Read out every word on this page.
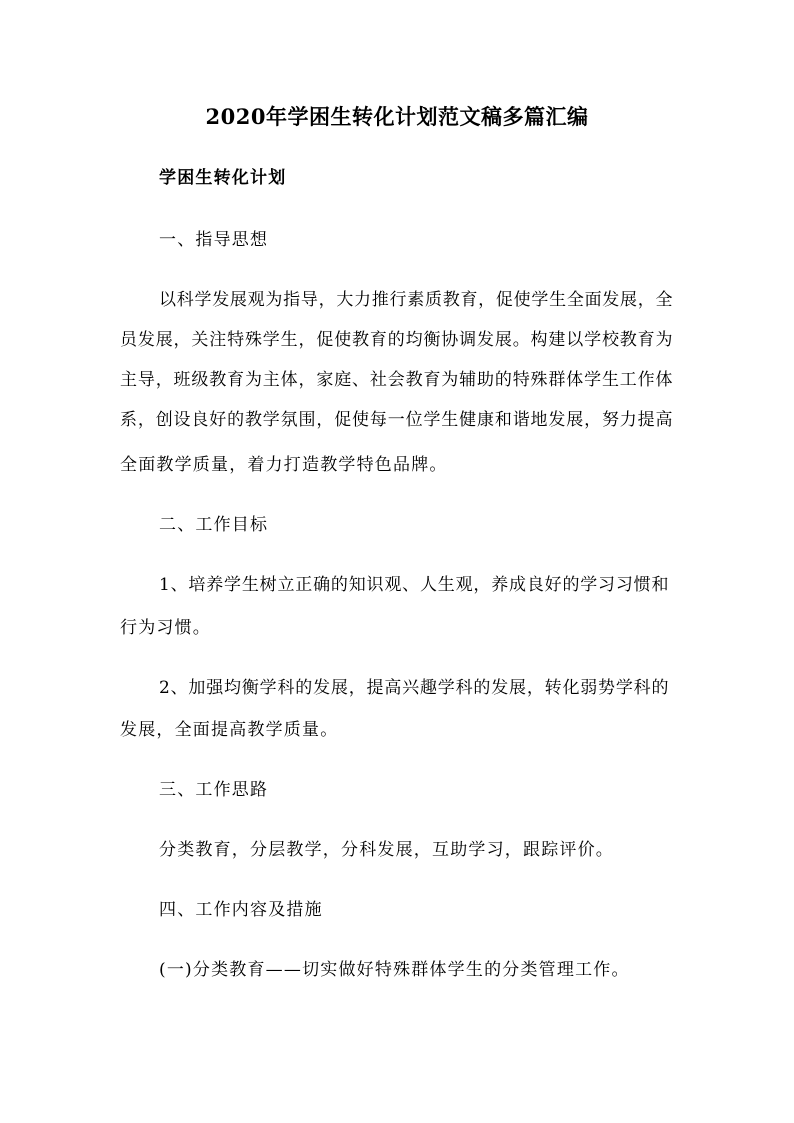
2020年学困生转化计划范文稿多篇汇编

学困生转化计划

一、指导思想

以科学发展观为指导，大力推行素质教育，促使学生全面发展，全

员发展，关注特殊学生，促使教育的均衡协调发展。构建以学校教育为

主导，班级教育为主体，家庭、社会教育为辅助的特殊群体学生工作体

系，创设良好的教学氛围，促使每一位学生健康和谐地发展，努力提高

全面教学质量，着力打造教学特色品牌。

二、工作目标

1、培养学生树立正确的知识观、人生观，养成良好的学习习惯和

行为习惯。

2、加强均衡学科的发展，提高兴趣学科的发展，转化弱势学科的

发展，全面提高教学质量。

三、工作思路

分类教育，分层教学，分科发展，互助学习，跟踪评价。

四、工作内容及措施

(一)分类教育——切实做好特殊群体学生的分类管理工作。
